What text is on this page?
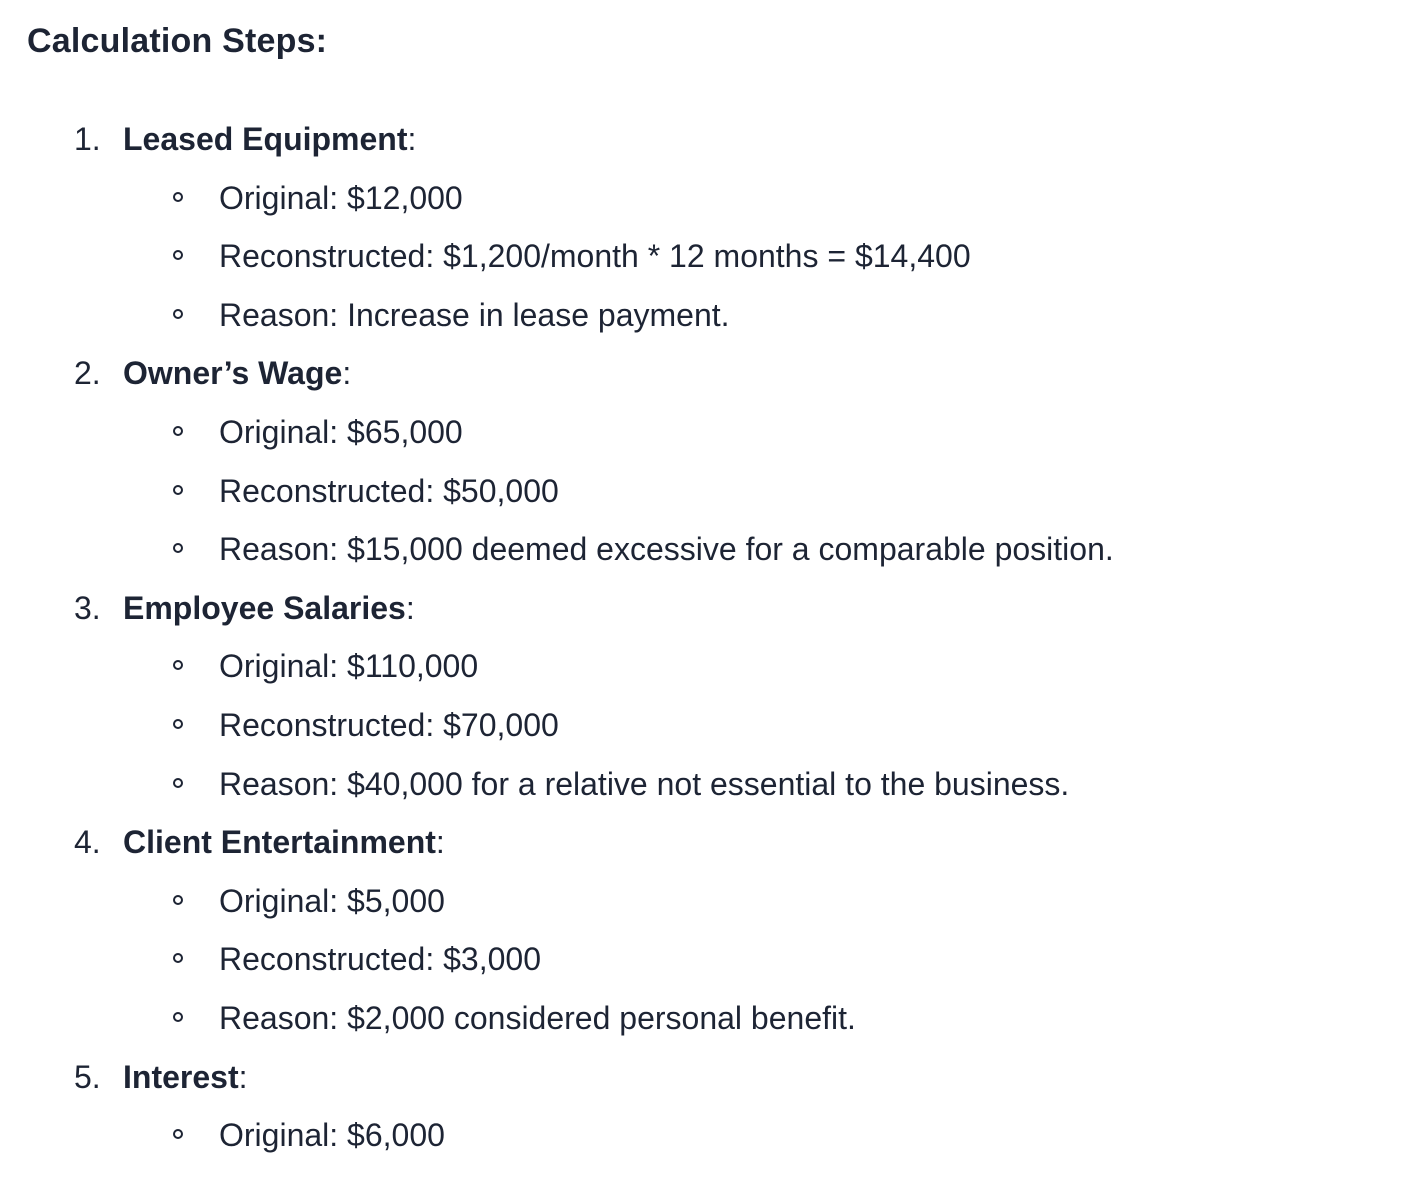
Calculation Steps:
1. Leased Equipment:
Original: $12,000
Reconstructed: $1,200/month * 12 months = $14,400
Reason: Increase in lease payment.
2. Owner’s Wage:
Original: $65,000
Reconstructed: $50,000
Reason: $15,000 deemed excessive for a comparable position.
3. Employee Salaries:
Original: $110,000
Reconstructed: $70,000
Reason: $40,000 for a relative not essential to the business.
4. Client Entertainment:
Original: $5,000
Reconstructed: $3,000
Reason: $2,000 considered personal benefit.
5. Interest:
Original: $6,000
